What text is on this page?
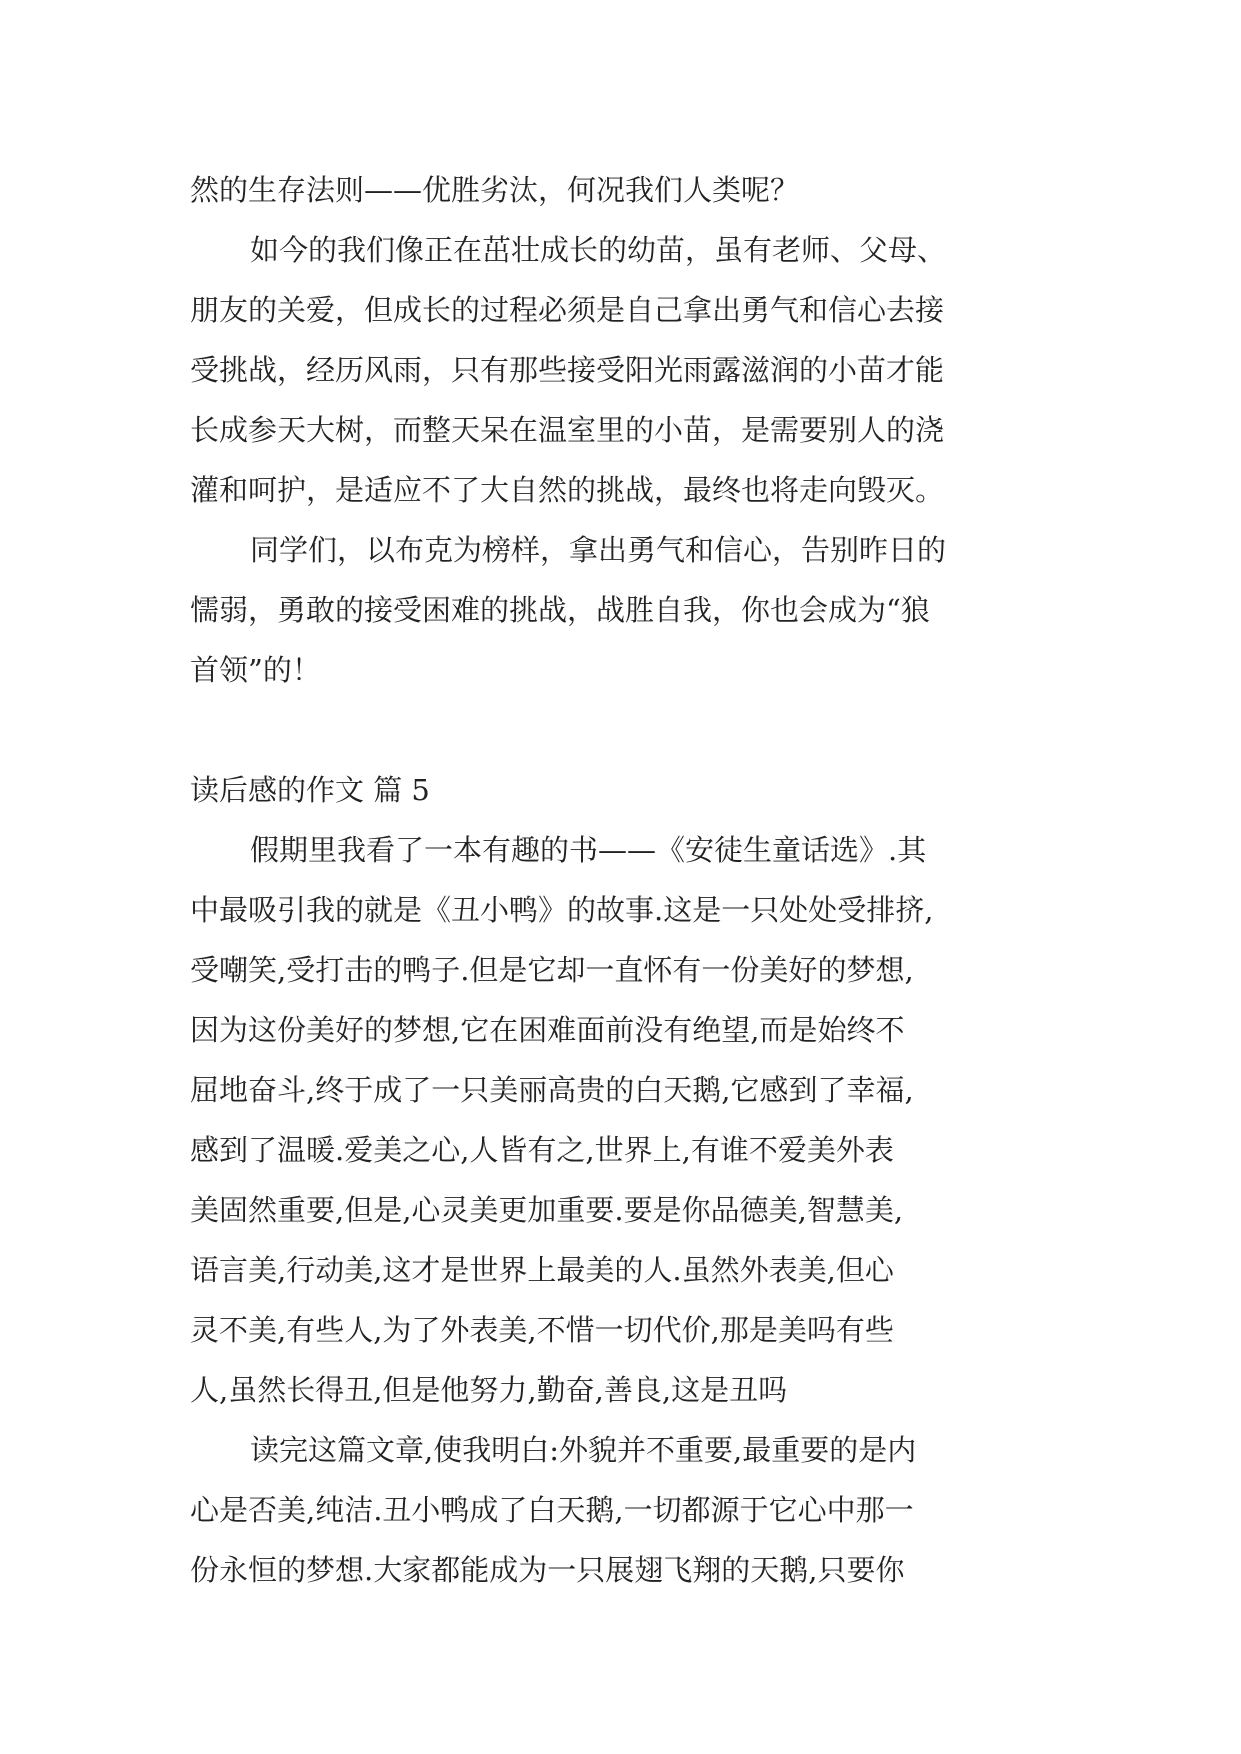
然的生存法则——优胜劣汰，何况我们人类呢？
如今的我们像正在茁壮成长的幼苗，虽有老师、父母、
朋友的关爱，但成长的过程必须是自己拿出勇气和信心去接
受挑战，经历风雨，只有那些接受阳光雨露滋润的小苗才能
长成参天大树，而整天呆在温室里的小苗，是需要别人的浇
灌和呵护，是适应不了大自然的挑战，最终也将走向毁灭。
同学们，以布克为榜样，拿出勇气和信心，告别昨日的
懦弱，勇敢的接受困难的挑战，战胜自我，你也会成为“狼
首领”的！
读后感的作文 篇 5
假期里我看了一本有趣的书——《安徒生童话选》.其
中最吸引我的就是《丑小鸭》的故事.这是一只处处受排挤,
受嘲笑,受打击的鸭子.但是它却一直怀有一份美好的梦想,
因为这份美好的梦想,它在困难面前没有绝望,而是始终不
屈地奋斗,终于成了一只美丽高贵的白天鹅,它感到了幸福,
感到了温暖.爱美之心,人皆有之,世界上,有谁不爱美外表
美固然重要,但是,心灵美更加重要.要是你品德美,智慧美,
语言美,行动美,这才是世界上最美的人.虽然外表美,但心
灵不美,有些人,为了外表美,不惜一切代价,那是美吗有些
人,虽然长得丑,但是他努力,勤奋,善良,这是丑吗
读完这篇文章,使我明白:外貌并不重要,最重要的是内
心是否美,纯洁.丑小鸭成了白天鹅,一切都源于它心中那一
份永恒的梦想.大家都能成为一只展翅飞翔的天鹅,只要你
